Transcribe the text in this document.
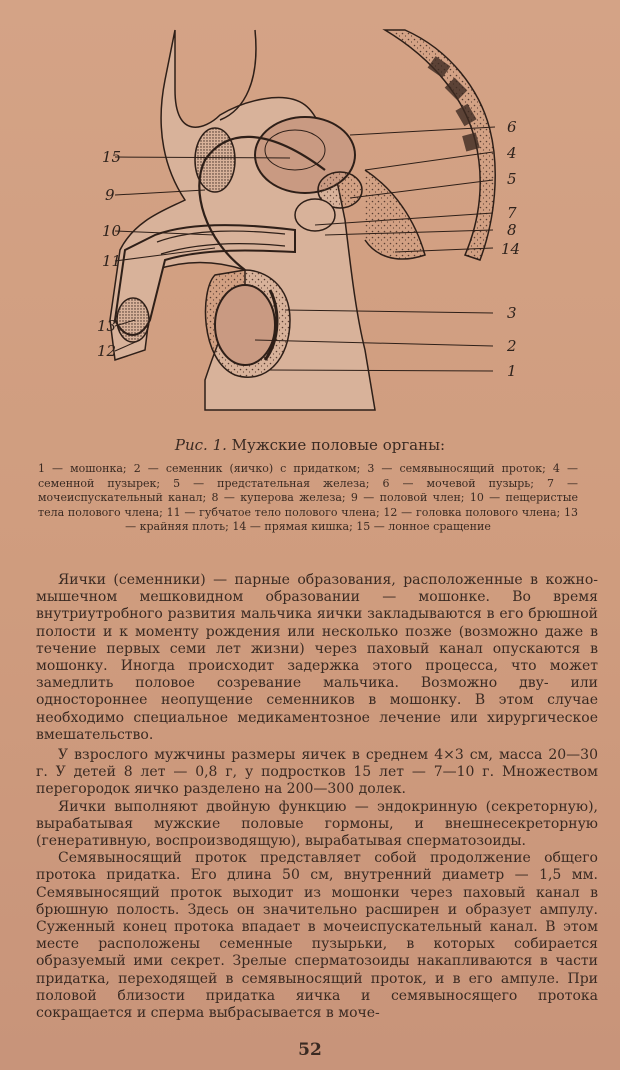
6
4
15
5
9
7
10	8
14
11
3
13
2
12
1
Рис. 1. Мужские половые органы:
1 — мошонка; 2 — семенник (яичко) с придатком; 3 — семявыносящий проток; 4 — семенной пузырек; 5 — предстательная железа; 6 — мочевой пузырь; 7 — мочеиспускательный канал; 8 — куперова железа; 9 — половой член; 10 — пещеристые тела полового члена; 11 — губчатое тело полового члена; 12 — головка полового члена; 13 — крайняя плоть; 14 — прямая кишка; 15 — лонное сращение

Яички (семенники) — парные образования, расположенные в кожно-мышечном мешковидном образовании — мошонке. Во время внутриутробного развития мальчика яички закладываются в его брюшной полости и к моменту рождения или несколько позже (возможно даже в течение первых семи лет жизни) через паховый канал опускаются в мошонку. Иногда происходит задержка этого процесса, что может замедлить половое созревание мальчика. Возможно дву- или одностороннее неопущение семенников в мошонку. В этом случае необходимо специальное медикаментозное лечение или хирургическое вмешательство.

У взрослого мужчины размеры яичек в среднем 4×3 см, масса 20—30 г. У детей 8 лет — 0,8 г, у подростков 15 лет — 7—10 г. Множеством перегородок яичко разделено на 200—300 долек.

Яички выполняют двойную функцию — эндокринную (секреторную), вырабатывая мужские половые гормоны, и внешнесекреторную (генеративную, воспроизводящую), вырабатывая сперматозоиды.

Семявыносящий проток представляет собой продолжение общего протока придатка. Его длина 50 см, внутренний диаметр — 1,5 мм. Семявыносящий проток выходит из мошонки через паховый канал в брюшную полость. Здесь он значительно расширен и образует ампулу. Суженный конец протока впадает в мочеиспускательный канал. В этом месте расположены семенные пузырьки, в которых собирается образуемый ими секрет. Зрелые сперматозоиды накапливаются в части придатка, переходящей в семявыносящий проток, и в его ампуле. При половой близости придатка яичка и семявыносящего протока сокращается и сперма выбрасывается в моче-

52
